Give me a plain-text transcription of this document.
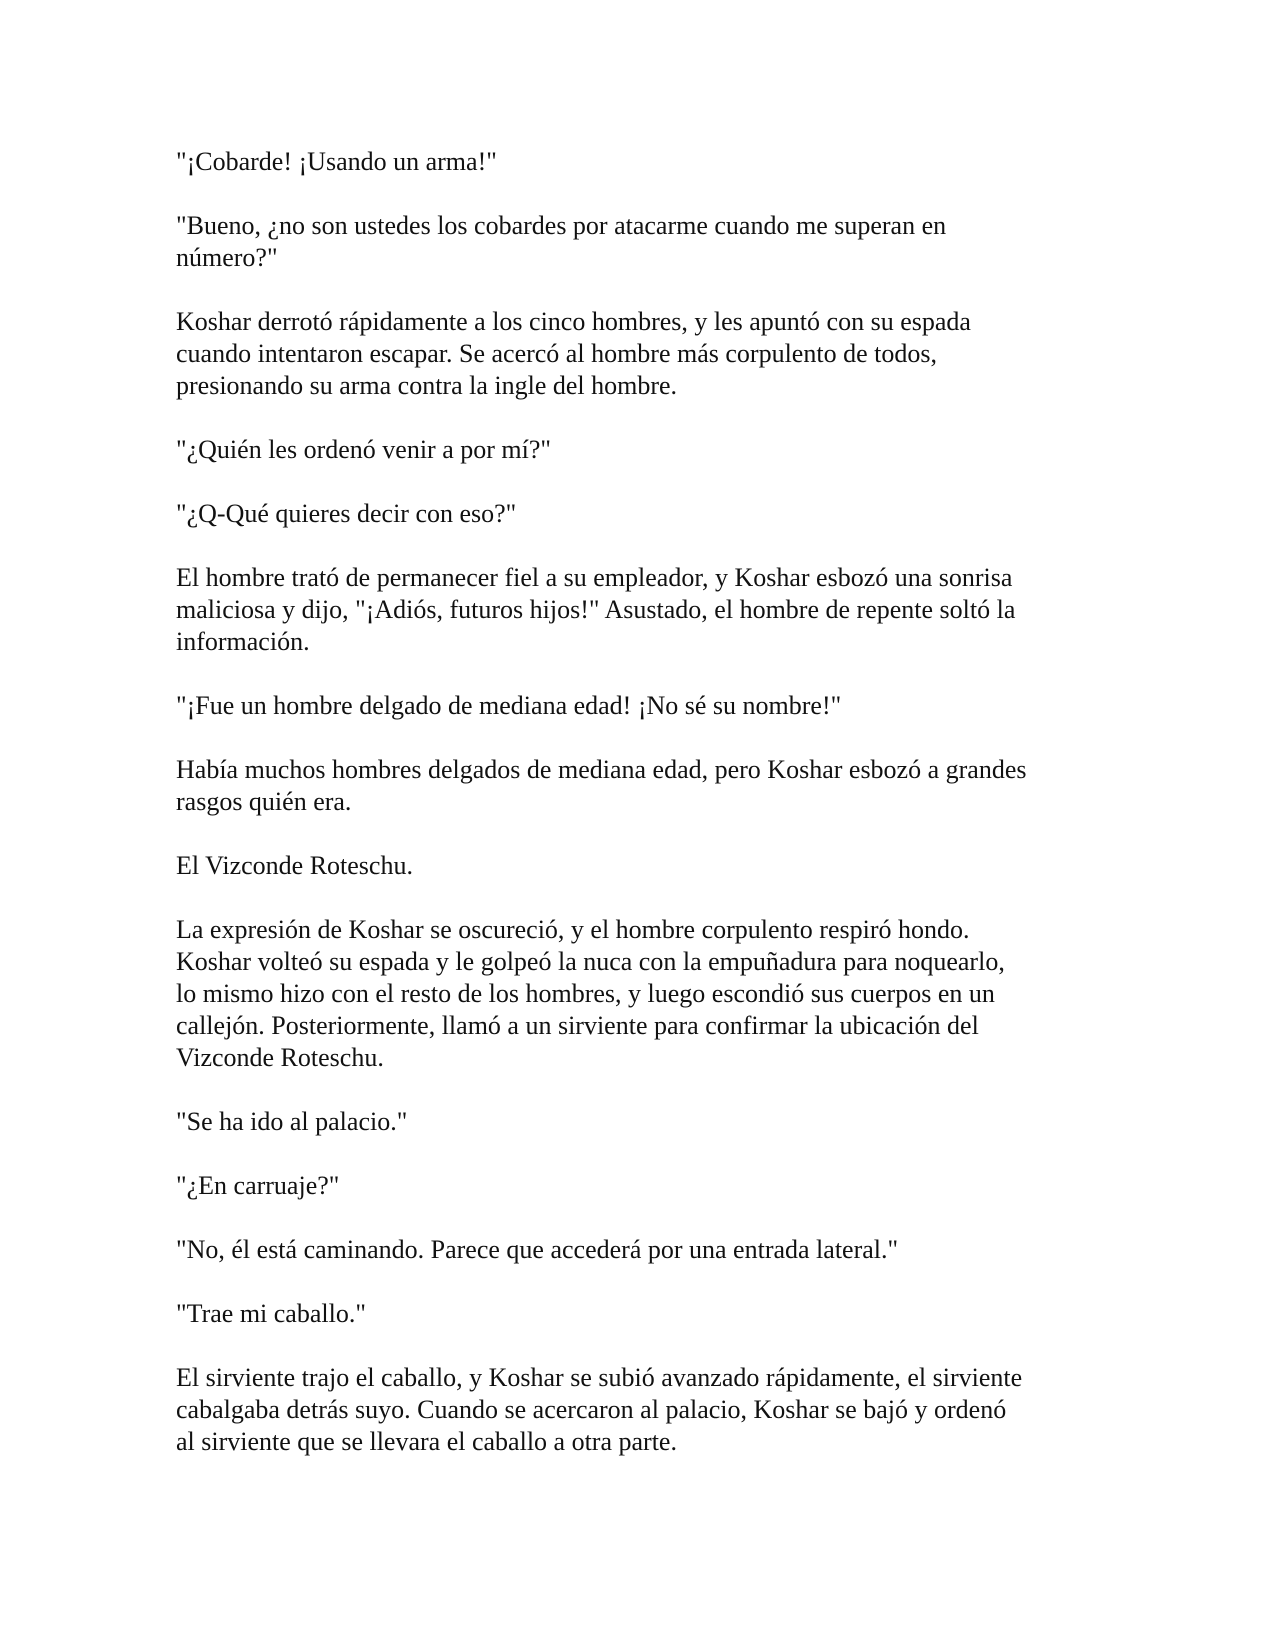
"¡Cobarde! ¡Usando un arma!"

"Bueno, ¿no son ustedes los cobardes por atacarme cuando me superan en
número?"

Koshar derrotó rápidamente a los cinco hombres, y les apuntó con su espada
cuando intentaron escapar. Se acercó al hombre más corpulento de todos,
presionando su arma contra la ingle del hombre.

"¿Quién les ordenó venir a por mí?"

"¿Q-Qué quieres decir con eso?"

El hombre trató de permanecer fiel a su empleador, y Koshar esbozó una sonrisa
maliciosa y dijo, "¡Adiós, futuros hijos!" Asustado, el hombre de repente soltó la
información.

"¡Fue un hombre delgado de mediana edad! ¡No sé su nombre!"

Había muchos hombres delgados de mediana edad, pero Koshar esbozó a grandes
rasgos quién era.

El Vizconde Roteschu.

La expresión de Koshar se oscureció, y el hombre corpulento respiró hondo.
Koshar volteó su espada y le golpeó la nuca con la empuñadura para noquearlo,
lo mismo hizo con el resto de los hombres, y luego escondió sus cuerpos en un
callejón. Posteriormente, llamó a un sirviente para confirmar la ubicación del
Vizconde Roteschu.

"Se ha ido al palacio."

"¿En carruaje?"

"No, él está caminando. Parece que accederá por una entrada lateral."

"Trae mi caballo."

El sirviente trajo el caballo, y Koshar se subió avanzado rápidamente, el sirviente
cabalgaba detrás suyo. Cuando se acercaron al palacio, Koshar se bajó y ordenó
al sirviente que se llevara el caballo a otra parte.
